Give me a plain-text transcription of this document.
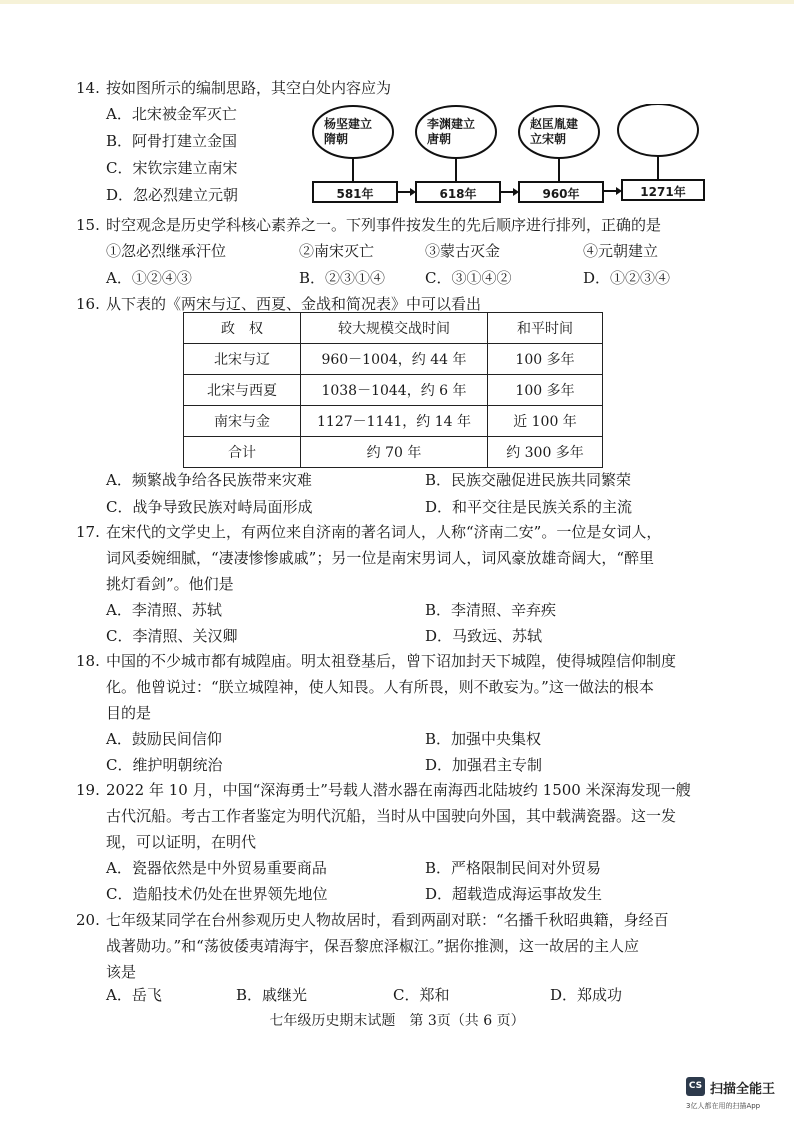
14. 按如图所示的编制思路，其空白处内容应为
A．北宋被金军灭亡
B．阿骨打建立金国
C．宋钦宗建立南宋
D．忽必烈建立元朝
杨坚建立
隋朝
李渊建立
唐朝
赵匡胤建
立宋朝
581年	618年	960年	1271年
15. 时空观念是历史学科核心素养之一。下列事件按发生的先后顺序进行排列，正确的是
①忽必烈继承汗位	②南宋灭亡	③蒙古灭金	④元朝建立
A．①②④③	B．②③①④	C．③①④②	D．①②③④
16. 从下表的《两宋与辽、西夏、金战和简况表》中可以看出
政　权	较大规模交战时间	和平时间
北宋与辽	960－1004，约 44 年	100 多年
北宋与西夏	1038－1044，约 6 年	100 多年
南宋与金	1127－1141，约 14 年	近 100 年
合计	约 70 年	约 300 多年
A．频繁战争给各民族带来灾难	B．民族交融促进民族共同繁荣
C．战争导致民族对峙局面形成	D．和平交往是民族关系的主流
17. 在宋代的文学史上，有两位来自济南的著名词人，人称“济南二安”。一位是女词人，
词风委婉细腻，“凄凄惨惨戚戚”；另一位是南宋男词人，词风豪放雄奇阔大，“醉里
挑灯看剑”。他们是
A．李清照、苏轼	B．李清照、辛弃疾
C．李清照、关汉卿	D．马致远、苏轼
18. 中国的不少城市都有城隍庙。明太祖登基后，曾下诏加封天下城隍，使得城隍信仰制度
化。他曾说过：“朕立城隍神，使人知畏。人有所畏，则不敢妄为。”这一做法的根本
目的是
A．鼓励民间信仰	B．加强中央集权
C．维护明朝统治	D．加强君主专制
19. 2022 年 10 月，中国“深海勇士”号载人潜水器在南海西北陆坡约 1500 米深海发现一艘
古代沉船。考古工作者鉴定为明代沉船，当时从中国驶向外国，其中载满瓷器。这一发
现，可以证明，在明代
A．瓷器依然是中外贸易重要商品	B．严格限制民间对外贸易
C．造船技术仍处在世界领先地位	D．超载造成海运事故发生
20. 七年级某同学在台州参观历史人物故居时，看到两副对联：“名播千秋昭典籍，身经百
战著勋功。”和“荡彼倭夷靖海宇，保吾黎庶泽椒江。”据你推测，这一故居的主人应
该是
A．岳飞	B．戚继光	C．郑和	D．郑成功
七年级历史期末试题　第 3页（共 6 页）
CS 扫描全能王
3亿人都在用的扫描App
